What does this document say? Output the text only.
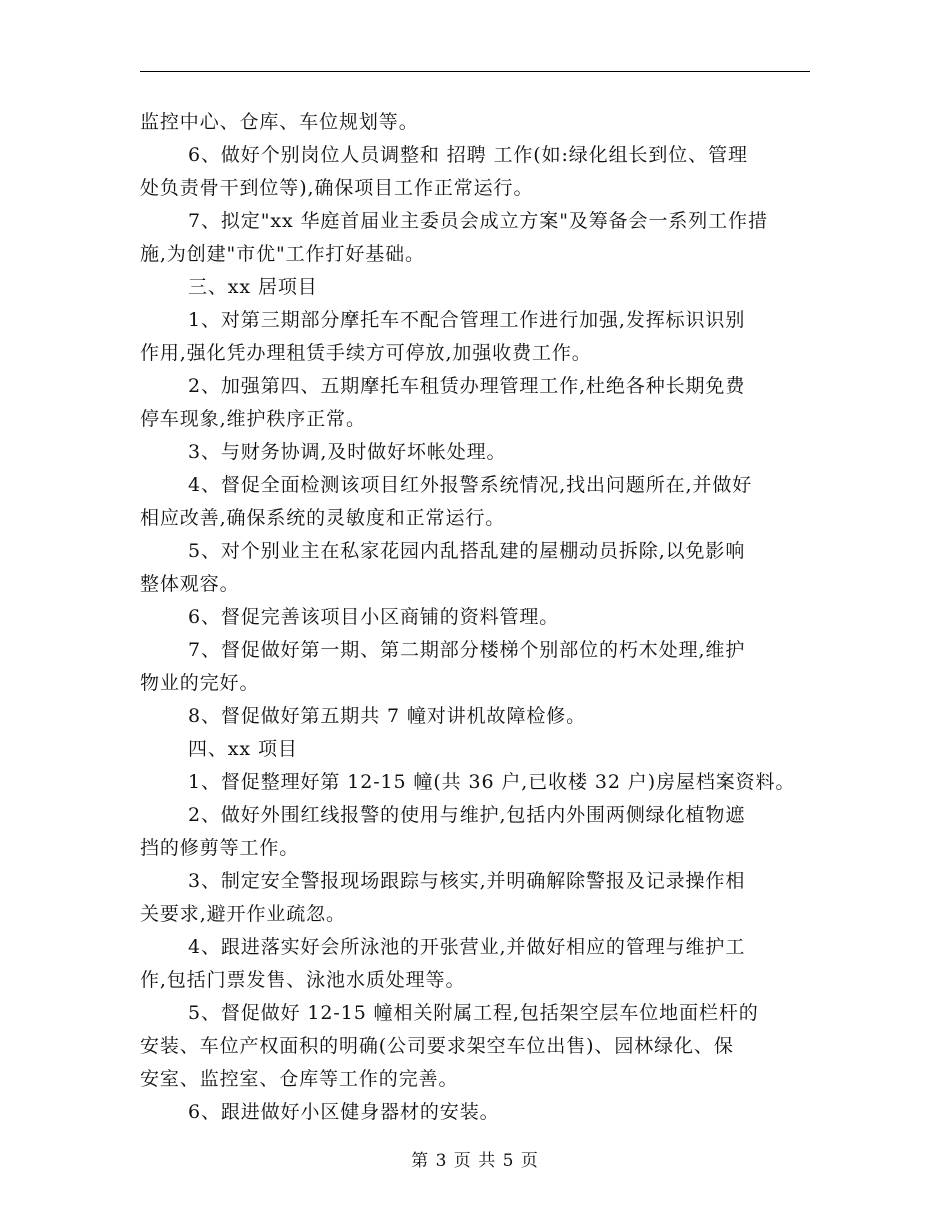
监控中心、仓库、车位规划等。
6、做好个别岗位人员调整和 招聘 工作(如:绿化组长到位、管理
处负责骨干到位等),确保项目工作正常运行。
7、拟定"xx 华庭首届业主委员会成立方案"及筹备会一系列工作措
施,为创建"市优"工作打好基础。
三、xx 居项目
1、对第三期部分摩托车不配合管理工作进行加强,发挥标识识别
作用,强化凭办理租赁手续方可停放,加强收费工作。
2、加强第四、五期摩托车租赁办理管理工作,杜绝各种长期免费
停车现象,维护秩序正常。
3、与财务协调,及时做好坏帐处理。
4、督促全面检测该项目红外报警系统情况,找出问题所在,并做好
相应改善,确保系统的灵敏度和正常运行。
5、对个别业主在私家花园内乱搭乱建的屋棚动员拆除,以免影响
整体观容。
6、督促完善该项目小区商铺的资料管理。
7、督促做好第一期、第二期部分楼梯个别部位的朽木处理,维护
物业的完好。
8、督促做好第五期共 7 幢对讲机故障检修。
四、xx 项目
1、督促整理好第 12-15 幢(共 36 户,已收楼 32 户)房屋档案资料。
2、做好外围红线报警的使用与维护,包括内外围两侧绿化植物遮
挡的修剪等工作。
3、制定安全警报现场跟踪与核实,并明确解除警报及记录操作相
关要求,避开作业疏忽。
4、跟进落实好会所泳池的开张营业,并做好相应的管理与维护工
作,包括门票发售、泳池水质处理等。
5、督促做好 12-15 幢相关附属工程,包括架空层车位地面栏杆的
安装、车位产权面积的明确(公司要求架空车位出售)、园林绿化、保
安室、监控室、仓库等工作的完善。
6、跟进做好小区健身器材的安装。
第 3 页 共 5 页
